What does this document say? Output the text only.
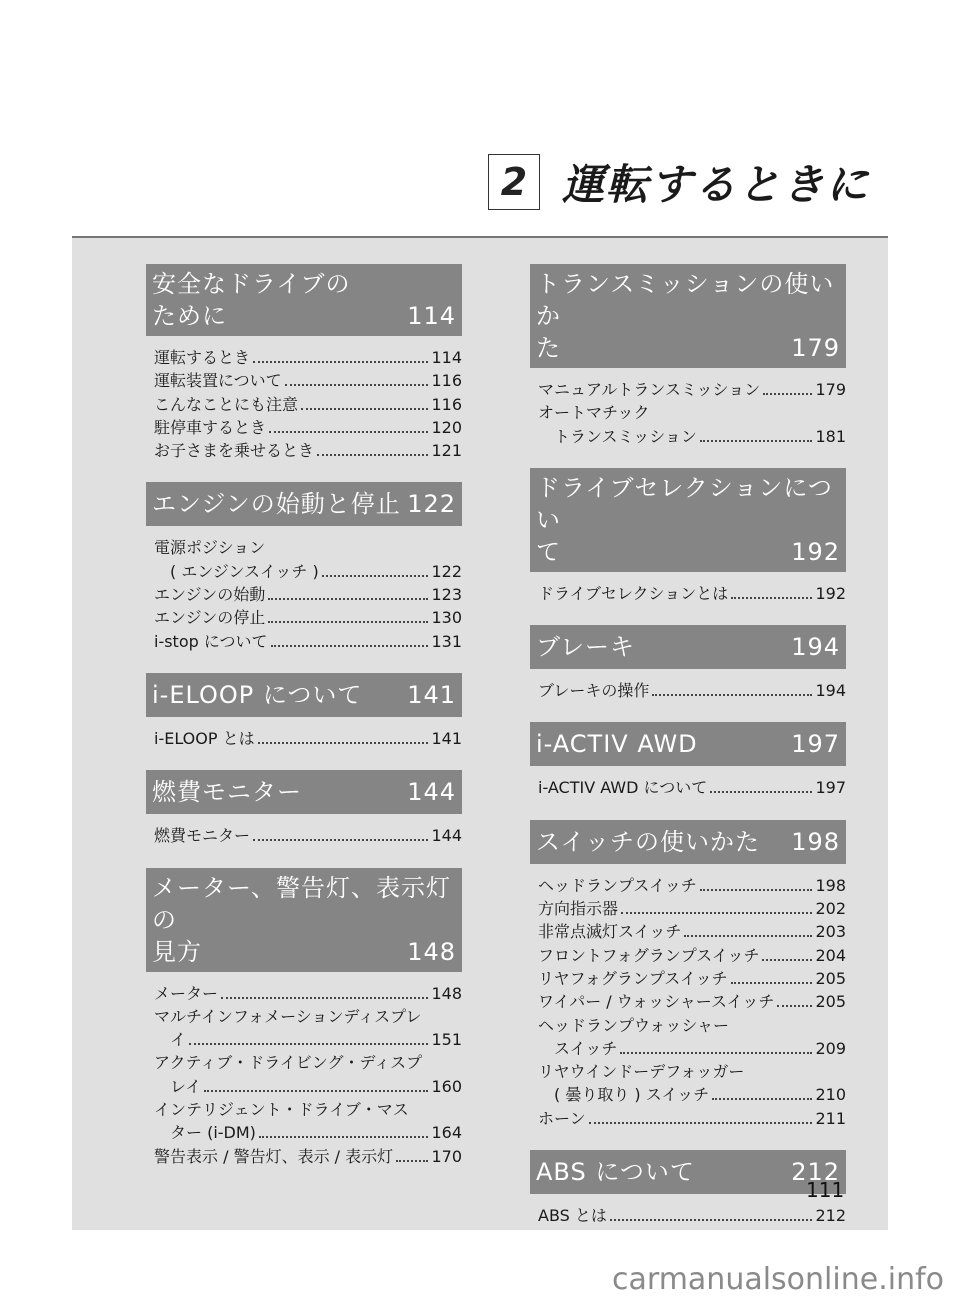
2 運転するときに
安全なドライブの
ために	114
運転するとき	114
運転装置について	116
こんなことにも注意	116
駐停車するとき	120
お子さまを乗せるとき	121
エンジンの始動と停止 122
電源ポジション
( エンジンスイッチ )	122
エンジンの始動	123
エンジンの停止	130
i-stop について	131
i-ELOOP について 141
i-ELOOP とは	141
燃費モニター	144
燃費モニター	144
メーター、警告灯、表示灯の
見方	148
メーター	148
マルチインフォメーションディスプレ
イ	151
アクティブ・ドライビング・ディスプ
レイ	160
インテリジェント・ドライブ・マス
ター (i-DM)	164
警告表示 / 警告灯、表示 / 表示灯 170
トランスミッションの使いか
た	179
マニュアルトランスミッション	179
オートマチック
トランスミッション	181
ドライブセレクションについ
て	192
ドライブセレクションとは	192
ブレーキ	194
ブレーキの操作	194
i-ACTIV AWD	197
i-ACTIV AWD について	197
スイッチの使いかた 198
ヘッドランプスイッチ	198
方向指示器	202
非常点滅灯スイッチ	203
フロントフォグランプスイッチ	204
リヤフォグランプスイッチ	205
ワイパー / ウォッシャースイッチ	205
ヘッドランプウォッシャー
スイッチ	209
リヤウインドーデフォッガー
( 曇り取り ) スイッチ	210
ホーン	211
ABS について	212
ABS とは	212
111
carmanualsonline.info
